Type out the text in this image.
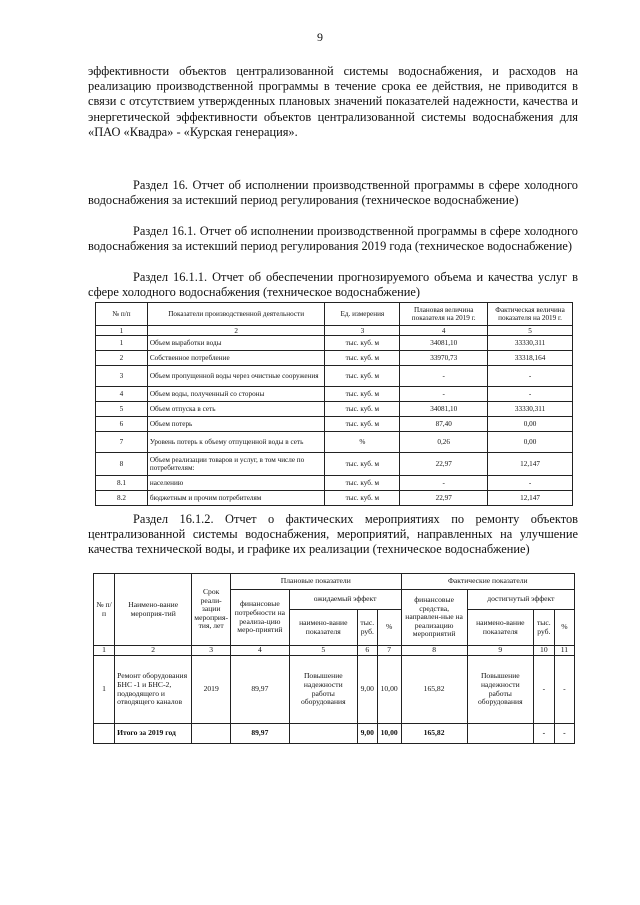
9
эффективности объектов централизованной системы водоснабжения, и расходов на реализацию производственной программы в течение срока ее действия, не приводится в связи с отсутствием утвержденных плановых значений показателей надежности, качества и энергетической эффективности объектов централизованной системы водоснабжения для «ПАО «Квадра» - «Курская генерация».
Раздел 16. Отчет об исполнении производственной программы в сфере холодного водоснабжения за истекший период регулирования (техническое водоснабжение)
Раздел 16.1. Отчет об исполнении производственной программы в сфере холодного водоснабжения за истекший период регулирования 2019 года (техническое водоснабжение)
Раздел 16.1.1. Отчет об обеспечении прогнозируемого объема и качества услуг в сфере холодного водоснабжения (техническое водоснабжение)
№ п/п	Показатели производственной деятельности	Ед. измерения	Плановая величина показателя на 2019 г.	Фактическая величина показателя на 2019 г.
1	2	3	4	5
1	Объем выработки воды	тыс. куб. м	34081,10	33330,311
2	Собственное потребление	тыс. куб. м	33970,73	33318,164
3	Объем пропущенной воды через очистные сооружения	тыс. куб. м	-	-
4	Объем воды, полученный со стороны	тыс. куб. м	-	-
5	Объем отпуска в сеть	тыс. куб. м	34081,10	33330,311
6	Объем потерь	тыс. куб. м	87,40	0,00
7	Уровень потерь к объему отпущенной воды в сеть	%	0,26	0,00
8	Объем реализации товаров и услуг, в том числе по потребителям:	тыс. куб. м	22,97	12,147
8.1	населению	тыс. куб. м	-	-
8.2	бюджетным и прочим потребителям	тыс. куб. м	22,97	12,147
Раздел 16.1.2. Отчет о фактических мероприятиях по ремонту объектов централизованной системы водоснабжения, мероприятий, направленных на улучшение качества технической воды, и графике их реализации (техническое водоснабжение)
№ п/п	Наимено-вание мероприя-тий	Срок реали-зации мероприя-тия, лет	Плановые показатели				Фактические показатели			
			финансовые потребности на реализа-цию меро-приятий	ожидаемый эффект			финансовые средства, направлен-ные на реализацию мероприятий	достигнутый эффект		
				наимено-вание показателя	тыс. руб.	%		наимено-вание показателя	тыс. руб.	%
1	2	3	4	5	6	7	8	9	10	11
1	Ремонт оборудования БНС -1 и БНС-2, подводящего и отводящего каналов	2019	89,97	Повышение надежности работы оборудования	9,00	10,00	165,82	Повышение надежности работы оборудования	-	-
	Итого за 2019 год		89,97		9,00	10,00	165,82		-	-
